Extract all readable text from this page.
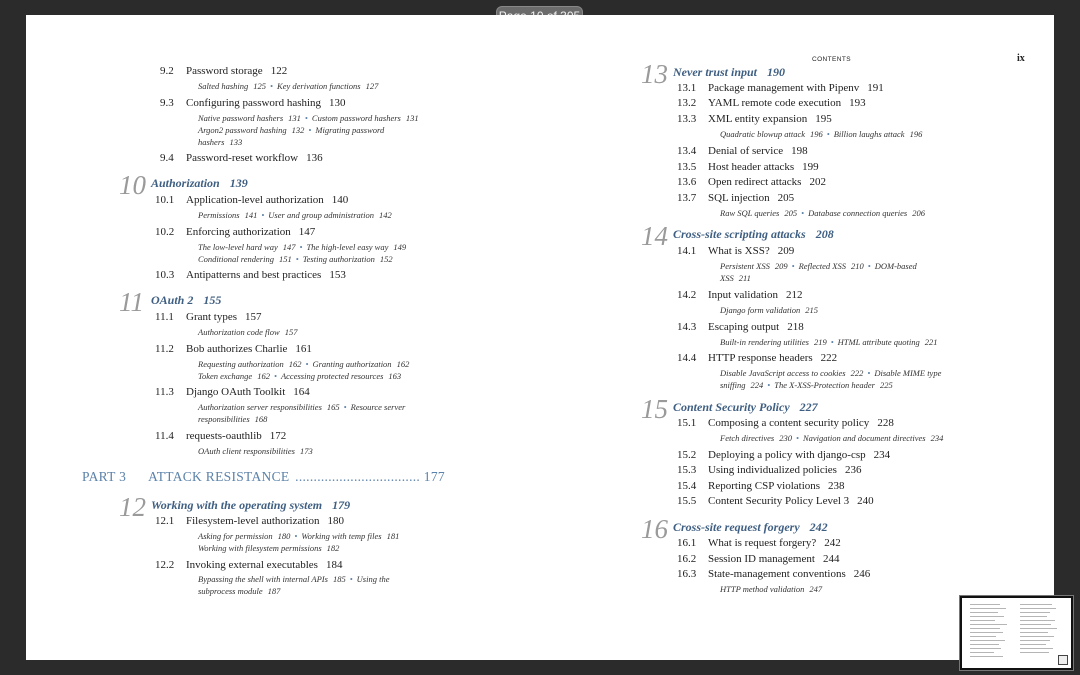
CONTENTS	ix
9.2 Password storage 122
Salted hashing 125 • Key derivation functions 127
9.3 Configuring password hashing 130
Native password hashers 131 • Custom password hashers 131
Argon2 password hashing 132 • Migrating password
hashers 133
9.4 Password-reset workflow 136
10 Authorization 139
10.1 Application-level authorization 140
Permissions 141 • User and group administration 142
10.2 Enforcing authorization 147
The low-level hard way 147 • The high-level easy way 149
Conditional rendering 151 • Testing authorization 152
10.3 Antipatterns and best practices 153
11 OAuth 2 155
11.1 Grant types 157
Authorization code flow 157
11.2 Bob authorizes Charlie 161
Requesting authorization 162 • Granting authorization 162
Token exchange 162 • Accessing protected resources 163
11.3 Django OAuth Toolkit 164
Authorization server responsibilities 165 • Resource server
responsibilities 168
11.4 requests-oauthlib 172
OAuth client responsibilities 173
PART 3 ATTACK RESISTANCE .................................. 177
12 Working with the operating system 179
12.1 Filesystem-level authorization 180
Asking for permission 180 • Working with temp files 181
Working with filesystem permissions 182
12.2 Invoking external executables 184
Bypassing the shell with internal APIs 185 • Using the
subprocess module 187
13 Never trust input 190
13.1 Package management with Pipenv 191
13.2 YAML remote code execution 193
13.3 XML entity expansion 195
Quadratic blowup attack 196 • Billion laughs attack 196
13.4 Denial of service 198
13.5 Host header attacks 199
13.6 Open redirect attacks 202
13.7 SQL injection 205
Raw SQL queries 205 • Database connection queries 206
14 Cross-site scripting attacks 208
14.1 What is XSS? 209
Persistent XSS 209 • Reflected XSS 210 • DOM-based
XSS 211
14.2 Input validation 212
Django form validation 215
14.3 Escaping output 218
Built-in rendering utilities 219 • HTML attribute quoting 221
14.4 HTTP response headers 222
Disable JavaScript access to cookies 222 • Disable MIME type
sniffing 224 • The X-XSS-Protection header 225
15 Content Security Policy 227
15.1 Composing a content security policy 228
Fetch directives 230 • Navigation and document directives 234
15.2 Deploying a policy with django-csp 234
15.3 Using individualized policies 236
15.4 Reporting CSP violations 238
15.5 Content Security Policy Level 3 240
16 Cross-site request forgery 242
16.1 What is request forgery? 242
16.2 Session ID management 244
16.3 State-management conventions 246
HTTP method validation 247
